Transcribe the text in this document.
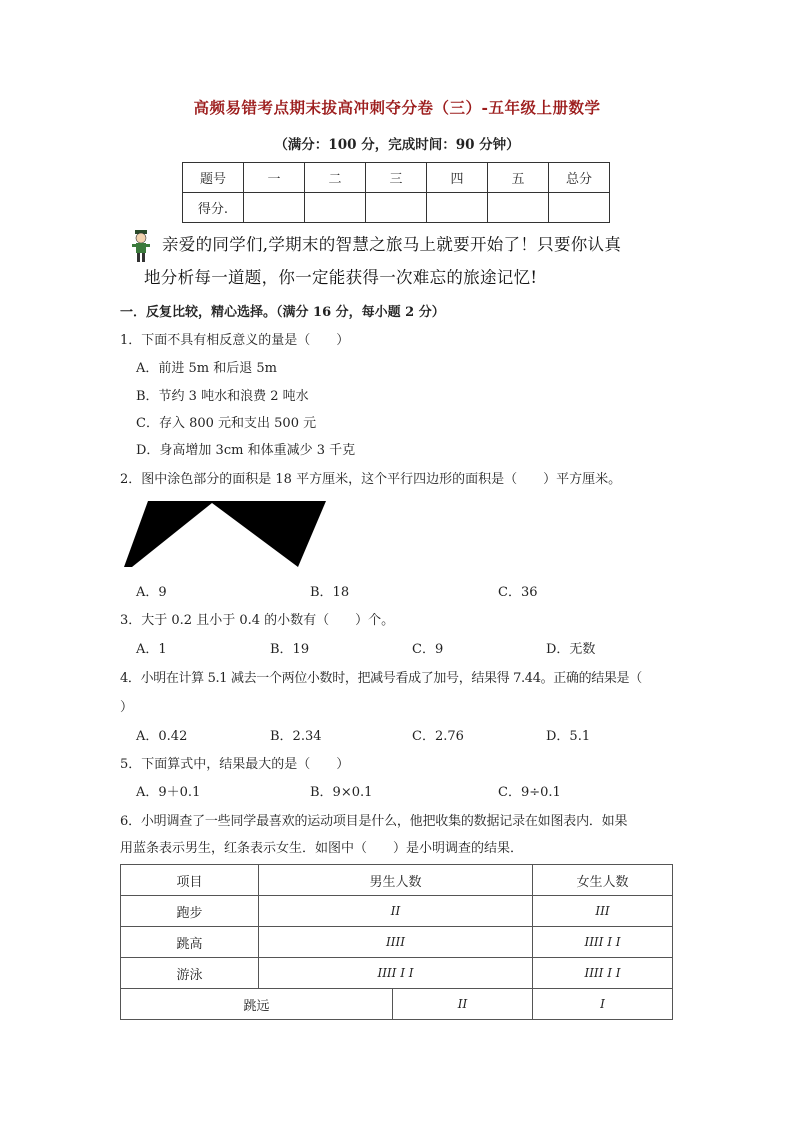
高频易错考点期末拔高冲刺夺分卷（三）-五年级上册数学
（满分：100 分，完成时间：90 分钟）
题号	一	二	三	四	五	总分
得分.						
亲爱的同学们,学期末的智慧之旅马上就要开始了！只要你认真
地分析每一道题，你一定能获得一次难忘的旅途记忆!
一．反复比较，精心选择。（满分 16 分，每小题 2 分）
1．下面不具有相反意义的量是（　　）
A．前进 5m 和后退 5m
B．节约 3 吨水和浪费 2 吨水
C．存入 800 元和支出 500 元
D．身高增加 3cm 和体重减少 3 千克
2．图中涂色部分的面积是 18 平方厘米，这个平行四边形的面积是（　　）平方厘米。
A．9	B．18	C．36
3．大于 0.2 且小于 0.4 的小数有（　　）个。
A．1	B．19	C．9	D．无数
4．小明在计算 5.1 减去一个两位小数时，把减号看成了加号，结果得 7.44。正确的结果是（
）
A．0.42	B．2.34	C．2.76	D．5.1
5．下面算式中，结果最大的是（　　）
A．9＋0.1	B．9×0.1	C．9÷0.1
6．小明调查了一些同学最喜欢的运动项目是什么，他把收集的数据记录在如图表内．如果
用蓝条表示男生，红条表示女生．如图中（　　）是小明调查的结果．
项目	男生人数		女生人数
跑步	II		III
跳高	IIII		IIII I I
游泳	IIII I I		IIII I I
跳远		II	I
